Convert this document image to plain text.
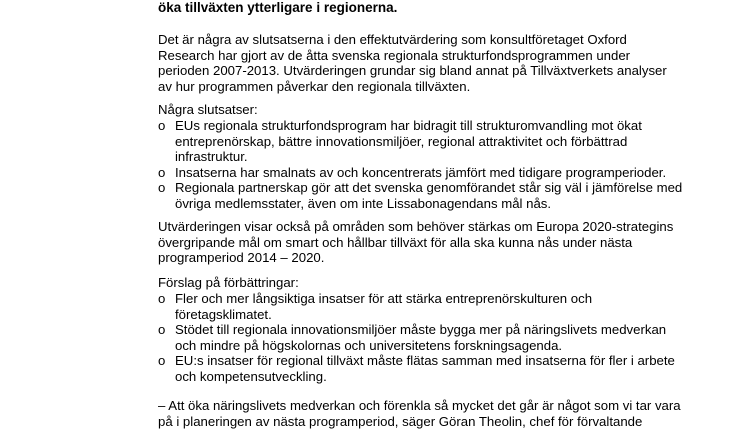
öka tillväxten ytterligare i regionerna.
Det är några av slutsatserna i den effektutvärdering som konsultföretaget Oxford
Research har gjort av de åtta svenska regionala strukturfondsprogrammen under
perioden 2007-2013. Utvärderingen grundar sig bland annat på Tillväxtverkets analyser
av hur programmen påverkar den regionala tillväxten.
Några slutsatser:
o EUs regionala strukturfondsprogram har bidragit till strukturomvandling mot ökat
entreprenörskap, bättre innovationsmiljöer, regional attraktivitet och förbättrad
infrastruktur.
o Insatserna har smalnats av och koncentrerats jämfört med tidigare programperioder.
o Regionala partnerskap gör att det svenska genomförandet står sig väl i jämförelse med
övriga medlemsstater, även om inte Lissabonagendans mål nås.
Utvärderingen visar också på områden som behöver stärkas om Europa 2020-strategins
övergripande mål om smart och hållbar tillväxt för alla ska kunna nås under nästa
programperiod 2014 – 2020.
Förslag på förbättringar:
o Fler och mer långsiktiga insatser för att stärka entreprenörskulturen och
företagsklimatet.
o Stödet till regionala innovationsmiljöer måste bygga mer på näringslivets medverkan
och mindre på högskolornas och universitetens forskningsagenda.
o EU:s insatser för regional tillväxt måste flätas samman med insatserna för fler i arbete
och kompetensutveckling.
– Att öka näringslivets medverkan och förenkla så mycket det går är något som vi tar vara
på i planeringen av nästa programperiod, säger Göran Theolin, chef för förvaltande
